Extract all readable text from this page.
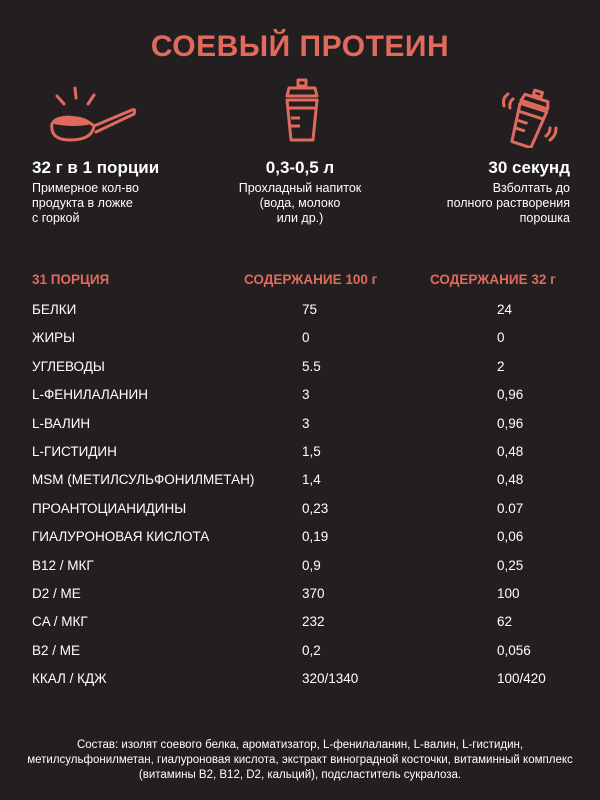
СОЕВЫЙ ПРОТЕИН
32 г в 1 порции
Примерное кол-во
продукта в ложке
с горкой
0,3-0,5 л
Прохладный напиток
(вода, молоко
или др.)
30 секунд
Взболтать до
полного растворения
порошка
31 ПОРЦИЯ	СОДЕРЖАНИЕ 100 г	СОДЕРЖАНИЕ 32 г
БЕЛКИ	75	24
ЖИРЫ	0	0
УГЛЕВОДЫ	5.5	2
L-ФЕНИЛАЛАНИН	3	0,96
L-ВАЛИН	3	0,96
L-ГИСТИДИН	1,5	0,48
MSM (МЕТИЛСУЛЬФОНИЛМЕТАН)	1,4	0,48
ПРОАНТОЦИАНИДИНЫ	0,23	0.07
ГИАЛУРОНОВАЯ КИСЛОТА	0,19	0,06
B12 / МКГ	0,9	0,25
D2 / МЕ	370	100
CA / МКГ	232	62
B2 / МЕ	0,2	0,056
ККАЛ / КДЖ	320/1340	100/420
Состав: изолят соевого белка, ароматизатор, L-фенилаланин, L-валин, L-гистидин, метилсульфонилметан, гиалуроновая кислота, экстракт виноградной косточки, витаминный комплекс (витамины B2, B12, D2, кальций), подсластитель сукралоза.
